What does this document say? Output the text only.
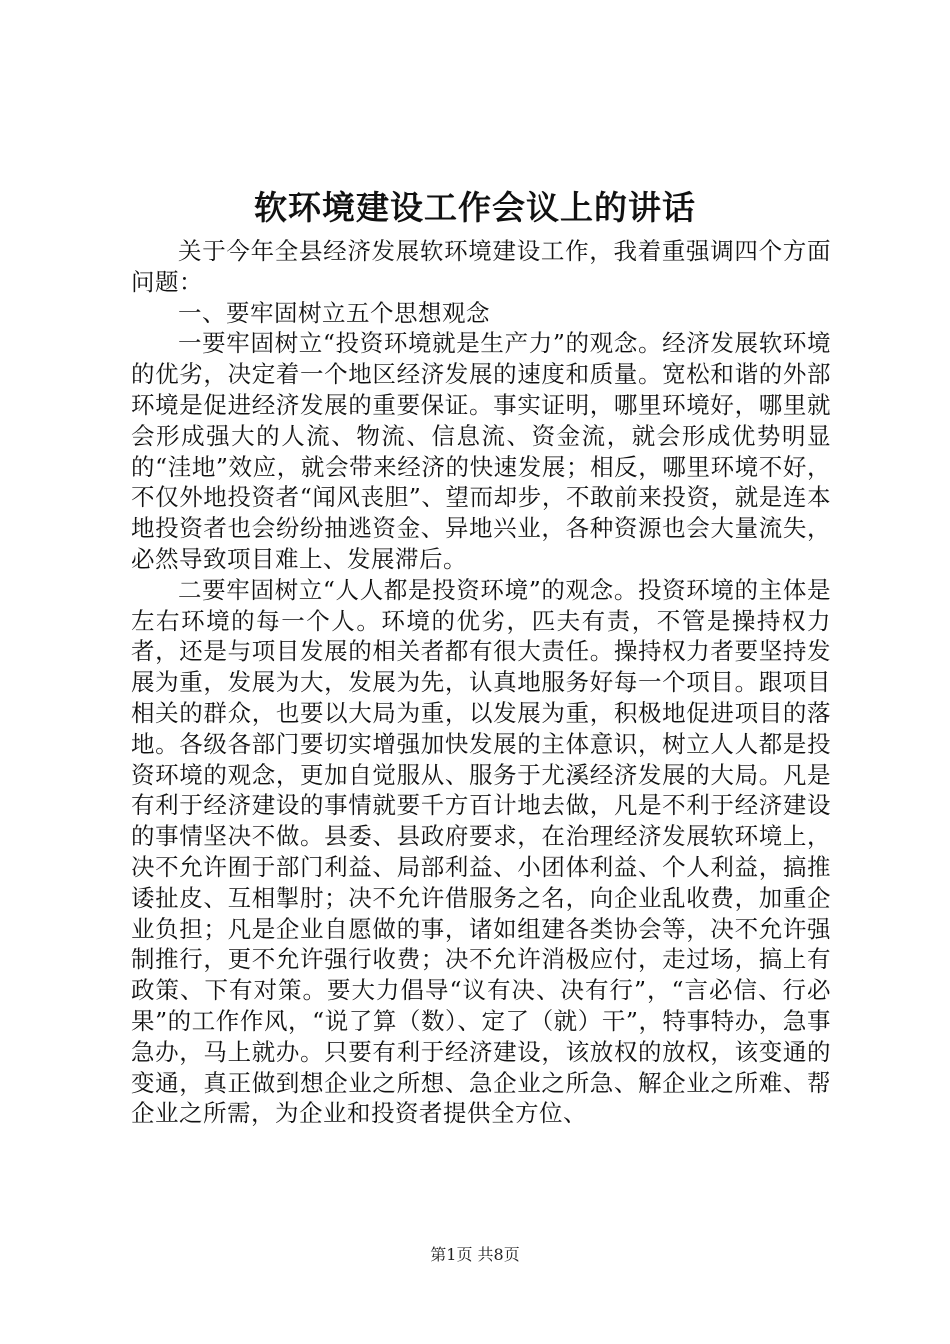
软环境建设工作会议上的讲话

关于今年全县经济发展软环境建设工作，我着重强调四个方面问题：

一、要牢固树立五个思想观念

一要牢固树立“投资环境就是生产力”的观念。经济发展软环境的优劣，决定着一个地区经济发展的速度和质量。宽松和谐的外部环境是促进经济发展的重要保证。事实证明，哪里环境好，哪里就会形成强大的人流、物流、信息流、资金流，就会形成优势明显的“洼地”效应，就会带来经济的快速发展；相反，哪里环境不好，不仅外地投资者“闻风丧胆”、望而却步，不敢前来投资，就是连本地投资者也会纷纷抽逃资金、异地兴业，各种资源也会大量流失，必然导致项目难上、发展滞后。

二要牢固树立“人人都是投资环境”的观念。投资环境的主体是左右环境的每一个人。环境的优劣，匹夫有责，不管是操持权力者，还是与项目发展的相关者都有很大责任。操持权力者要坚持发展为重，发展为大，发展为先，认真地服务好每一个项目。跟项目相关的群众，也要以大局为重，以发展为重，积极地促进项目的落地。各级各部门要切实增强加快发展的主体意识，树立人人都是投资环境的观念，更加自觉服从、服务于尤溪经济发展的大局。凡是有利于经济建设的事情就要千方百计地去做，凡是不利于经济建设的事情坚决不做。县委、县政府要求，在治理经济发展软环境上，决不允许囿于部门利益、局部利益、小团体利益、个人利益，搞推诿扯皮、互相掣肘；决不允许借服务之名，向企业乱收费，加重企业负担；凡是企业自愿做的事，诸如组建各类协会等，决不允许强制推行，更不允许强行收费；决不允许消极应付，走过场，搞上有政策、下有对策。要大力倡导“议有决、决有行”，“言必信、行必果”的工作作风，“说了算（数）、定了（就）干”，特事特办，急事急办，马上就办。只要有利于经济建设，该放权的放权，该变通的变通，真正做到想企业之所想、急企业之所急、解企业之所难、帮企业之所需，为企业和投资者提供全方位、

第1页 共8页
